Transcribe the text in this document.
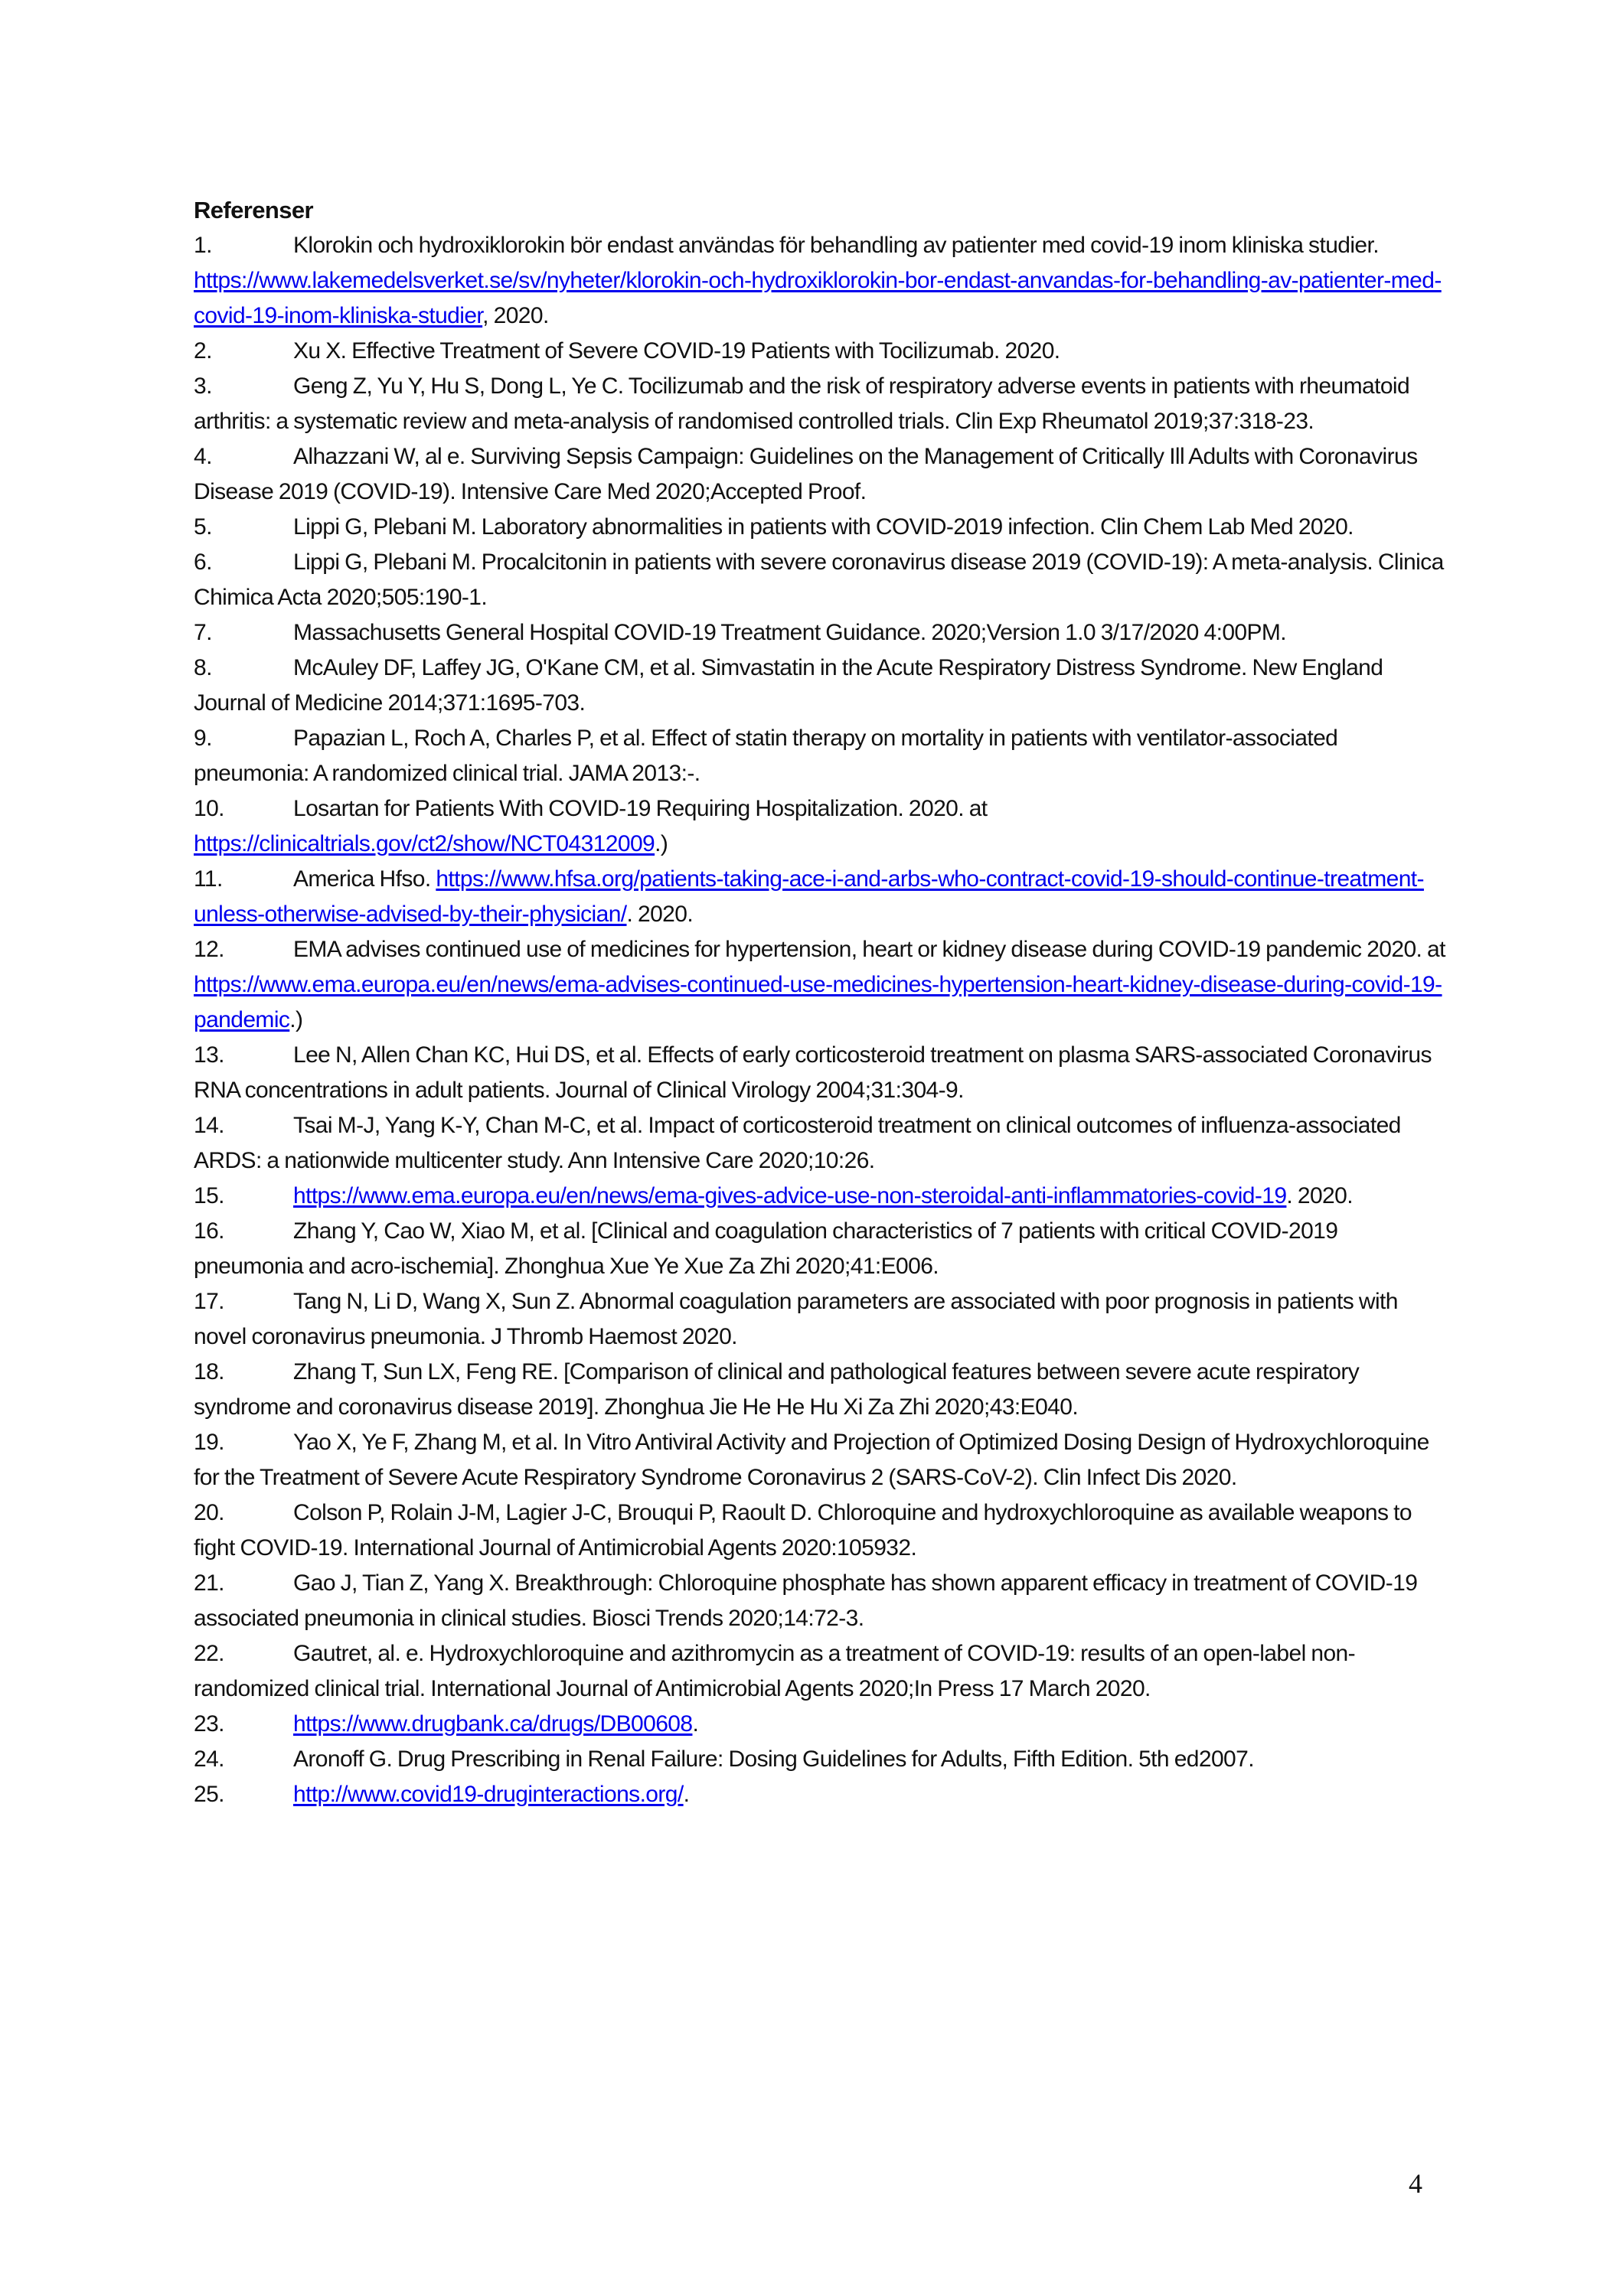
Referenser

1.	Klorokin och hydroxiklorokin bör endast användas för behandling av patienter med covid-19 inom kliniska studier. https://www.lakemedelsverket.se/sv/nyheter/klorokin-och-hydroxiklorokin-bor-endast-anvandas-for-behandling-av-patienter-med-covid-19-inom-kliniska-studier, 2020.

2.	Xu X. Effective Treatment of Severe COVID-19 Patients with Tocilizumab. 2020.

3.	Geng Z, Yu Y, Hu S, Dong L, Ye C. Tocilizumab and the risk of respiratory adverse events in patients with rheumatoid arthritis: a systematic review and meta-analysis of randomised controlled trials. Clin Exp Rheumatol 2019;37:318-23.

4.	Alhazzani W, al e. Surviving Sepsis Campaign: Guidelines on the Management of Critically Ill Adults with Coronavirus Disease 2019 (COVID-19). Intensive Care Med 2020;Accepted Proof.

5.	Lippi G, Plebani M. Laboratory abnormalities in patients with COVID-2019 infection. Clin Chem Lab Med 2020.

6.	Lippi G, Plebani M. Procalcitonin in patients with severe coronavirus disease 2019 (COVID-19): A meta-analysis. Clinica Chimica Acta 2020;505:190-1.

7.	Massachusetts General Hospital COVID-19 Treatment Guidance. 2020;Version 1.0 3/17/2020 4:00PM.

8.	McAuley DF, Laffey JG, O'Kane CM, et al. Simvastatin in the Acute Respiratory Distress Syndrome. New England Journal of Medicine 2014;371:1695-703.

9.	Papazian L, Roch A, Charles P, et al. Effect of statin therapy on mortality in patients with ventilator-associated pneumonia: A randomized clinical trial. JAMA 2013:-.

10.	Losartan for Patients With COVID-19 Requiring Hospitalization. 2020. at https://clinicaltrials.gov/ct2/show/NCT04312009.)

11.	America Hfso. https://www.hfsa.org/patients-taking-ace-i-and-arbs-who-contract-covid-19-should-continue-treatment-unless-otherwise-advised-by-their-physician/. 2020.

12.	EMA advises continued use of medicines for hypertension, heart or kidney disease during COVID-19 pandemic 2020. at https://www.ema.europa.eu/en/news/ema-advises-continued-use-medicines-hypertension-heart-kidney-disease-during-covid-19-pandemic.)

13.	Lee N, Allen Chan KC, Hui DS, et al. Effects of early corticosteroid treatment on plasma SARS-associated Coronavirus RNA concentrations in adult patients. Journal of Clinical Virology 2004;31:304-9.

14.	Tsai M-J, Yang K-Y, Chan M-C, et al. Impact of corticosteroid treatment on clinical outcomes of influenza-associated ARDS: a nationwide multicenter study. Ann Intensive Care 2020;10:26.

15.	https://www.ema.europa.eu/en/news/ema-gives-advice-use-non-steroidal-anti-inflammatories-covid-19. 2020.

16.	Zhang Y, Cao W, Xiao M, et al. [Clinical and coagulation characteristics of 7 patients with critical COVID-2019 pneumonia and acro-ischemia]. Zhonghua Xue Ye Xue Za Zhi 2020;41:E006.

17.	Tang N, Li D, Wang X, Sun Z. Abnormal coagulation parameters are associated with poor prognosis in patients with novel coronavirus pneumonia. J Thromb Haemost 2020.

18.	Zhang T, Sun LX, Feng RE. [Comparison of clinical and pathological features between severe acute respiratory syndrome and coronavirus disease 2019]. Zhonghua Jie He He Hu Xi Za Zhi 2020;43:E040.

19.	Yao X, Ye F, Zhang M, et al. In Vitro Antiviral Activity and Projection of Optimized Dosing Design of Hydroxychloroquine for the Treatment of Severe Acute Respiratory Syndrome Coronavirus 2 (SARS-CoV-2). Clin Infect Dis 2020.

20.	Colson P, Rolain J-M, Lagier J-C, Brouqui P, Raoult D. Chloroquine and hydroxychloroquine as available weapons to fight COVID-19. International Journal of Antimicrobial Agents 2020:105932.

21.	Gao J, Tian Z, Yang X. Breakthrough: Chloroquine phosphate has shown apparent efficacy in treatment of COVID-19 associated pneumonia in clinical studies. Biosci Trends 2020;14:72-3.

22.	Gautret, al. e. Hydroxychloroquine and azithromycin as a treatment of COVID-19: results of an open-label non-randomized clinical trial. International Journal of Antimicrobial Agents 2020;In Press 17 March 2020.

23.	https://www.drugbank.ca/drugs/DB00608.

24.	Aronoff G. Drug Prescribing in Renal Failure: Dosing Guidelines for Adults, Fifth Edition. 5th ed2007.

25.	http://www.covid19-druginteractions.org/.

4
